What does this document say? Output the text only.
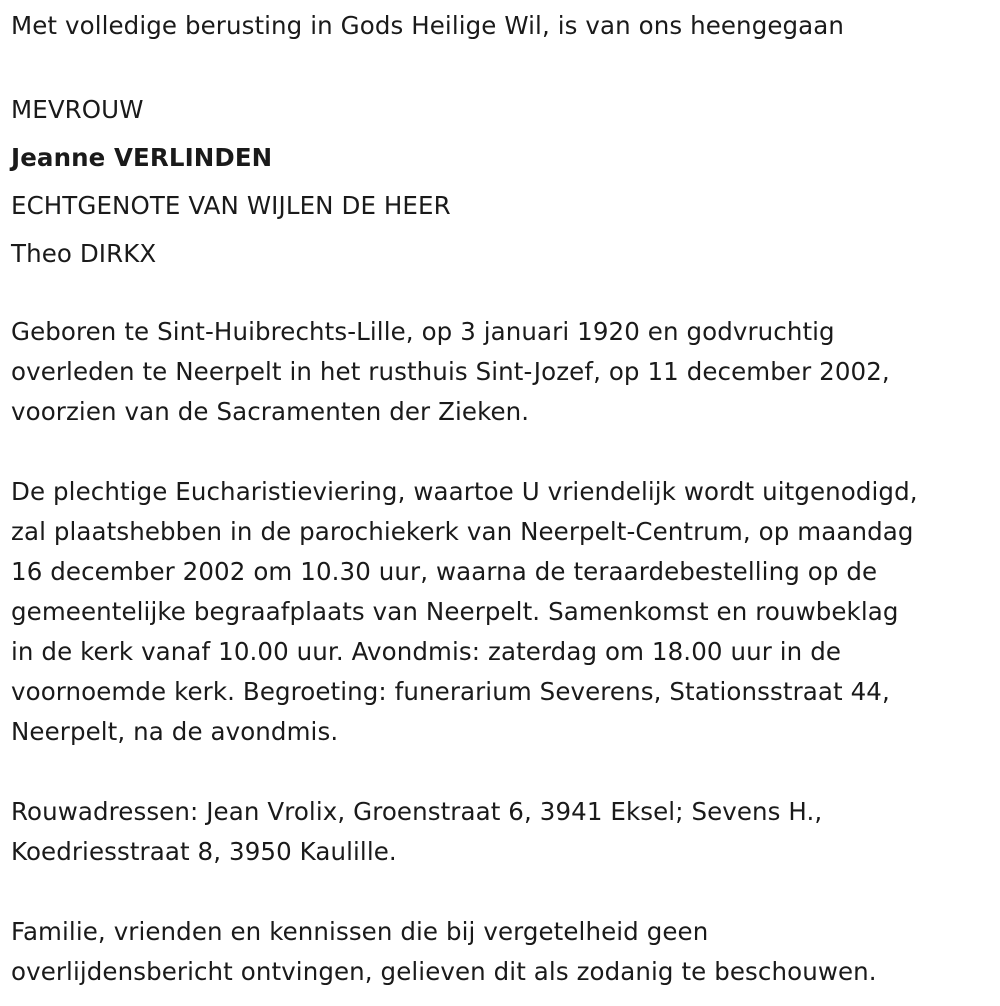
Met volledige berusting in Gods Heilige Wil, is van ons heengegaan
MEVROUW
Jeanne VERLINDEN
ECHTGENOTE VAN WIJLEN DE HEER
Theo DIRKX
Geboren te Sint-Huibrechts-Lille, op 3 januari 1920 en godvruchtig
overleden te Neerpelt in het rusthuis Sint-Jozef, op 11 december 2002,
voorzien van de Sacramenten der Zieken.
De plechtige Eucharistieviering, waartoe U vriendelijk wordt uitgenodigd,
zal plaatshebben in de parochiekerk van Neerpelt-Centrum, op maandag
16 december 2002 om 10.30 uur, waarna de teraardebestelling op de
gemeentelijke begraafplaats van Neerpelt. Samenkomst en rouwbeklag
in de kerk vanaf 10.00 uur. Avondmis: zaterdag om 18.00 uur in de
voornoemde kerk. Begroeting: funerarium Severens, Stationsstraat 44,
Neerpelt, na de avondmis.
Rouwadressen: Jean Vrolix, Groenstraat 6, 3941 Eksel; Sevens H.,
Koedriesstraat 8, 3950 Kaulille.
Familie, vrienden en kennissen die bij vergetelheid geen
overlijdensbericht ontvingen, gelieven dit als zodanig te beschouwen.
